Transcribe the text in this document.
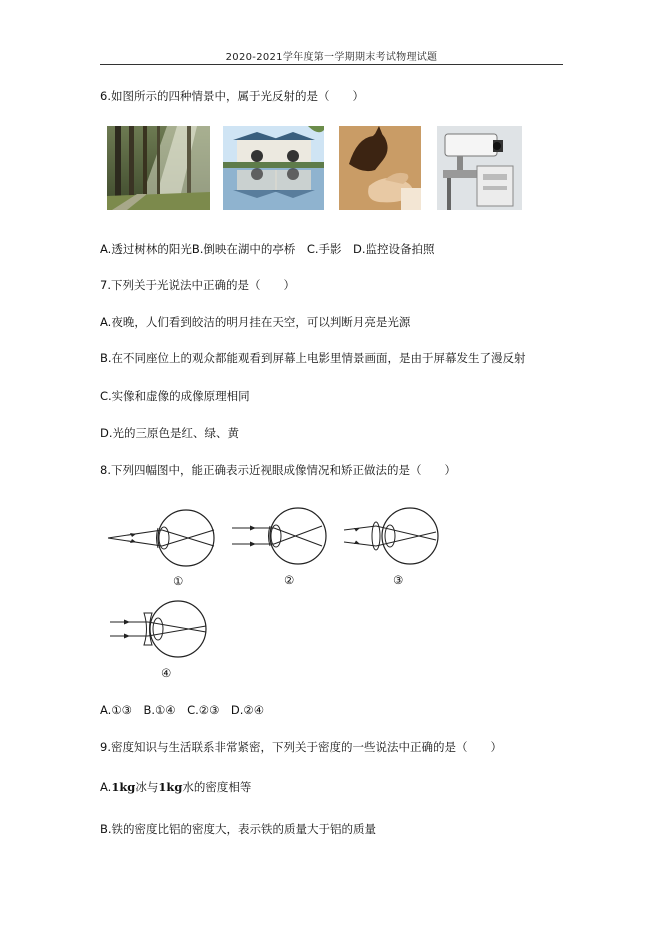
2020-2021学年度第一学期期末考试物理试题
6.如图所示的四种情景中，属于光反射的是（　　）
A.透过树林的阳光B.倒映在湖中的亭桥　C.手影　D.监控设备拍照
7.下列关于光说法中正确的是（　　）
A.夜晚，人们看到皎洁的明月挂在天空，可以判断月亮是光源
B.在不同座位上的观众都能观看到屏幕上电影里情景画面，是由于屏幕发生了漫反射
C.实像和虚像的成像原理相同
D.光的三原色是红、绿、黄
8.下列四幅图中，能正确表示近视眼成像情况和矫正做法的是（　　）
①	②	③
④
A.①③　B.①④　C.②③　D.②④
9.密度知识与生活联系非常紧密，下列关于密度的一些说法中正确的是（　　）
A.1kg冰与1kg水的密度相等
B.铁的密度比铝的密度大，表示铁的质量大于铝的质量
